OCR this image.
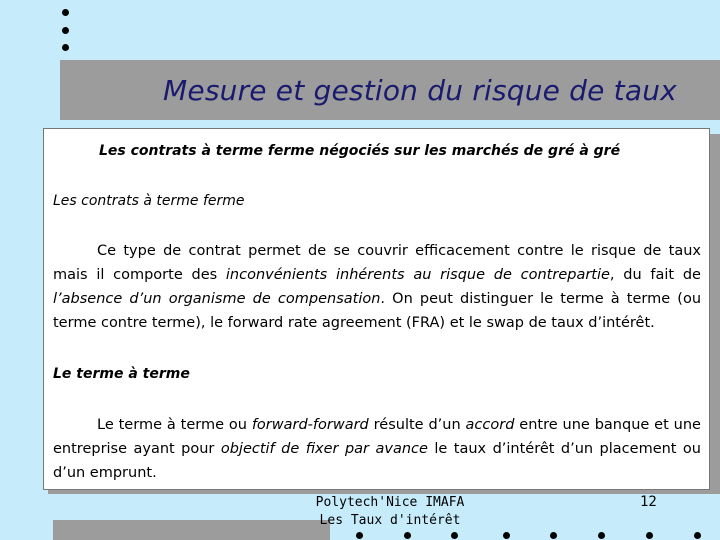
Mesure et gestion du risque de taux
Les contrats à terme ferme négociés sur les marchés de gré à gré
Les contrats à terme ferme
Ce type de contrat permet de se couvrir efficacement contre le risque de taux mais il comporte des inconvénients inhérents au risque de contrepartie, du fait de l’absence d’un organisme de compensation. On peut distinguer le terme à terme (ou terme contre terme), le forward rate agreement (FRA) et le swap de taux d’intérêt.
Le terme à terme
Le terme à terme ou forward-forward résulte d’un accord entre une banque et une entreprise ayant pour objectif de fixer par avance le taux d’intérêt d’un placement ou d’un emprunt.
Polytech'Nice IMAFA
Les Taux d'intérêt
12
